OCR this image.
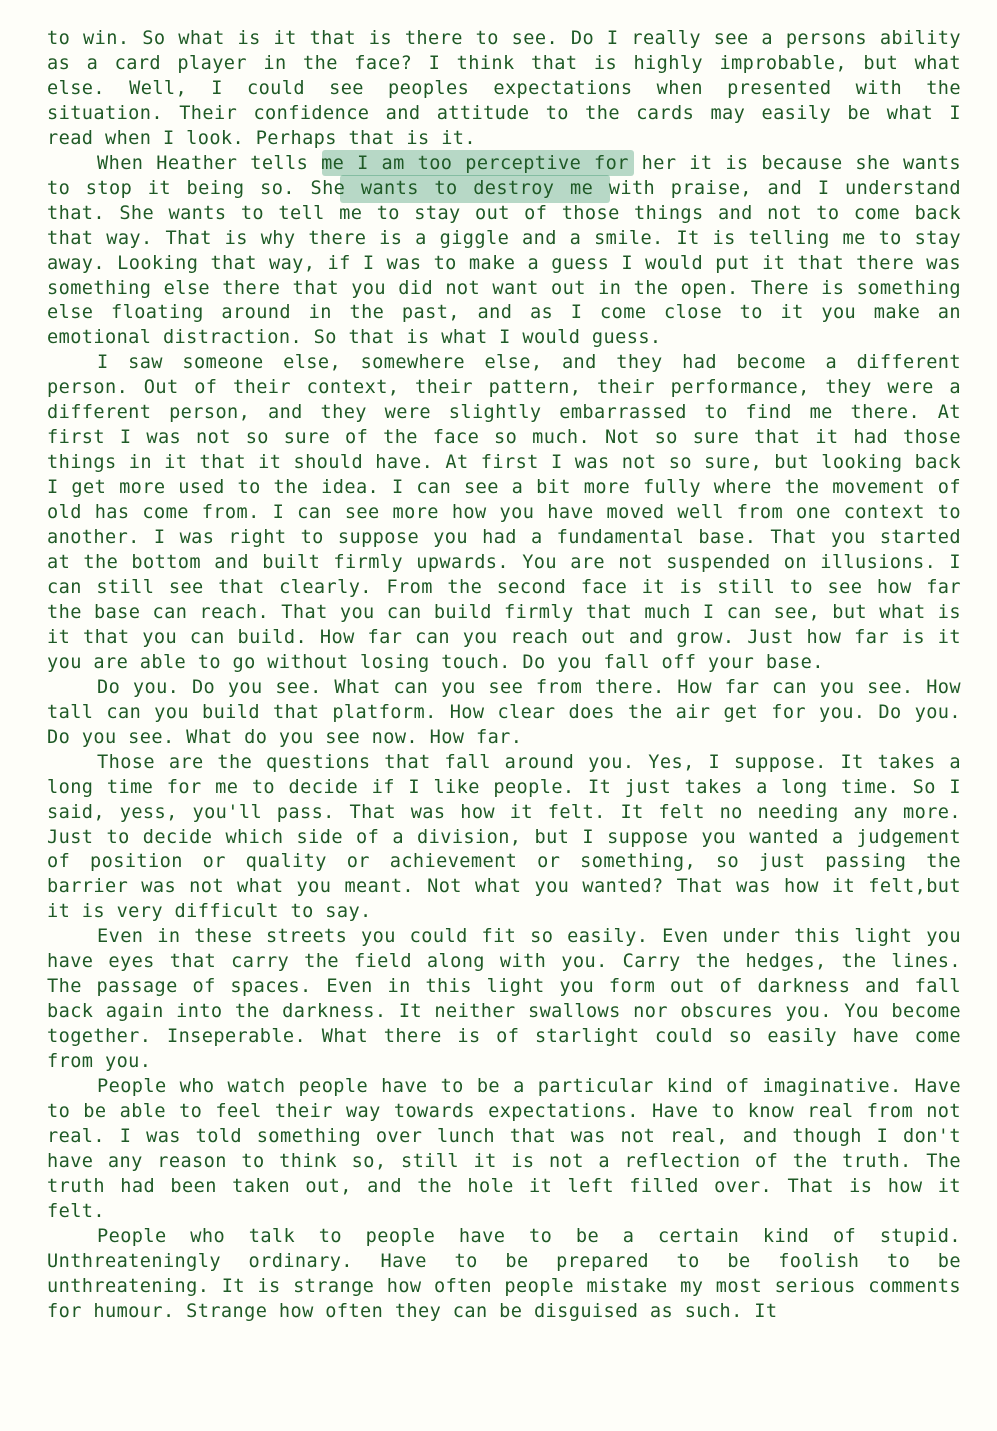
to win. So what is it that is there to see. Do I really see a persons ability as a card player in the face? I think that is highly improbable, but what else. Well, I could see peoples expectations when presented with the situation. Their confidence and attitude to the cards may easily be what I read when I look. Perhaps that is it.

When Heather tells me I am too perceptive for her it is because she wants to stop it being so. She wants to destroy me with praise, and I understand that. She wants to tell me to stay out of those things and not to come back that way. That is why there is a giggle and a smile. It is telling me to stay away. Looking that way, if I was to make a guess I would put it that there was something else there that you did not want out in the open. There is something else floating around in the past, and as I come close to it you make an emotional distraction. So that is what I would guess.

I saw someone else, somewhere else, and they had become a different person. Out of their context, their pattern, their performance, they were a different person, and they were slightly embarrassed to find me there. At first I was not so sure of the face so much. Not so sure that it had those things in it that it should have. At first I was not so sure, but looking back I get more used to the idea. I can see a bit more fully where the movement of old has come from. I can see more how you have moved well from one context to another. I was right to suppose you had a fundamental base. That you started at the bottom and built firmly upwards. You are not suspended on illusions. I can still see that clearly. From the second face it is still to see how far the base can reach. That you can build firmly that much I can see, but what is it that you can build. How far can you reach out and grow. Just how far is it you are able to go without losing touch. Do you fall off your base.

Do you. Do you see. What can you see from there. How far can you see. How tall can you build that platform. How clear does the air get for you. Do you. Do you see. What do you see now. How far.

Those are the questions that fall around you. Yes, I suppose. It takes a long time for me to decide if I like people. It just takes a long time. So I said, yess, you'll pass. That was how it felt. It felt no needing any more. Just to decide which side of a division, but I suppose you wanted a judgement of position or quality or achievement or something, so just passing the barrier was not what you meant. Not what you wanted? That was how it felt,but it is very difficult to say.

Even in these streets you could fit so easily. Even under this light you have eyes that carry the field along with you. Carry the hedges, the lines. The passage of spaces. Even in this light you form out of darkness and fall back again into the darkness. It neither swallows nor obscures you. You become together. Inseperable. What there is of starlight could so easily have come from you.

People who watch people have to be a particular kind of imaginative. Have to be able to feel their way towards expectations. Have to know real from not real. I was told something over lunch that was not real, and though I don't have any reason to think so, still it is not a reflection of the truth. The truth had been taken out, and the hole it left filled over. That is how it felt.

People who talk to people have to be a certain kind of stupid. Unthreateningly ordinary. Have to be prepared to be foolish to be unthreatening. It is strange how often people mistake my most serious comments for humour. Strange how often they can be disguised as such. It
